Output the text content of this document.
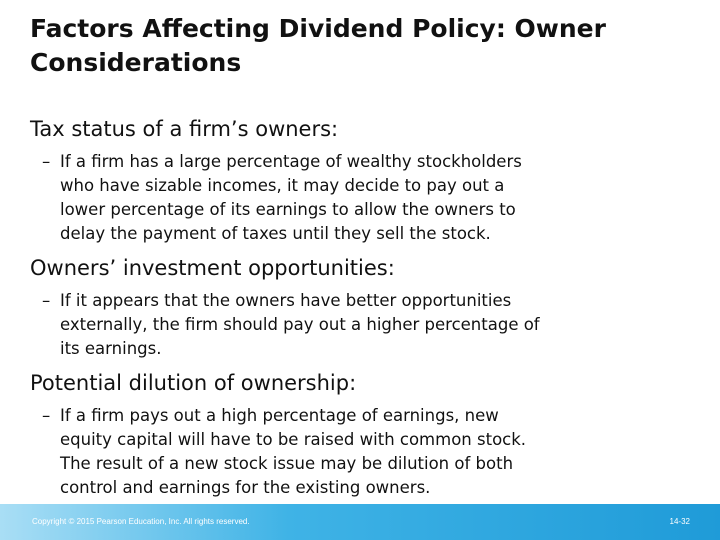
Factors Affecting Dividend Policy: Owner Considerations

Tax status of a firm’s owners:

– If a firm has a large percentage of wealthy stockholders
who have sizable incomes, it may decide to pay out a
lower percentage of its earnings to allow the owners to
delay the payment of taxes until they sell the stock.

Owners’ investment opportunities:

– If it appears that the owners have better opportunities
externally, the firm should pay out a higher percentage of
its earnings.

Potential dilution of ownership:

– If a firm pays out a high percentage of earnings, new
equity capital will have to be raised with common stock.
The result of a new stock issue may be dilution of both
control and earnings for the existing owners.
Copyright © 2015 Pearson Education, Inc. All rights reserved.	14-32
